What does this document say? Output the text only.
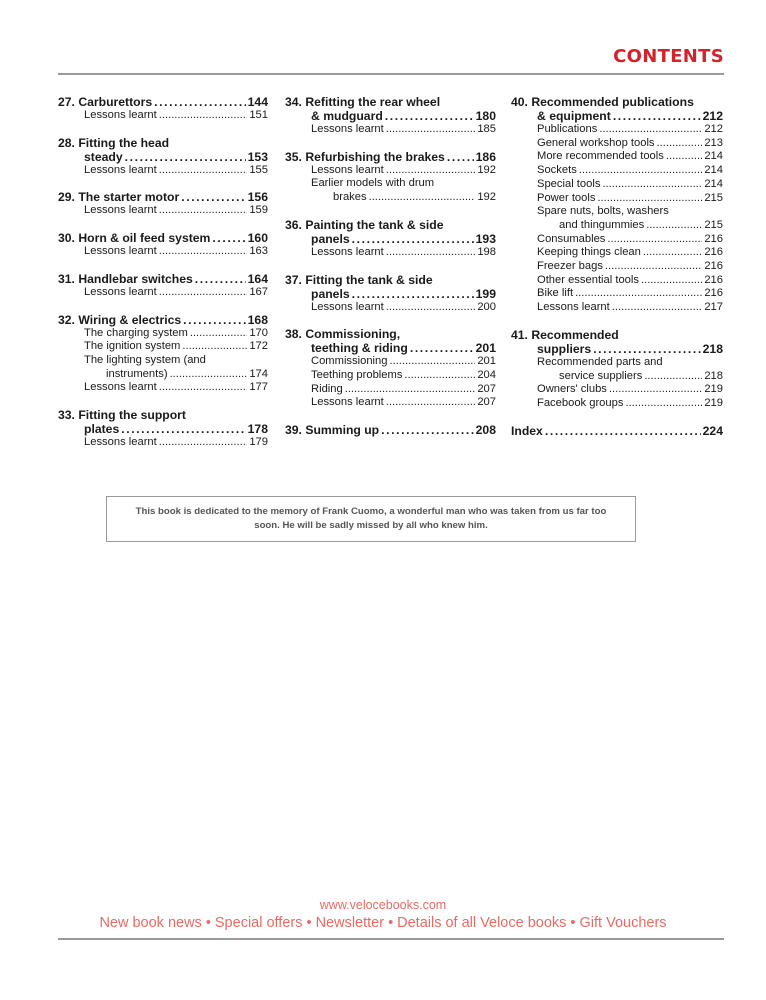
CONTENTS
27. Carburettors .....	144
Lessons learnt .....	151
28. Fitting the head
steady .....	153
Lessons learnt .....	155
29. The starter motor .....	156
Lessons learnt .....	159
30. Horn & oil feed system .....	160
Lessons learnt .....	163
31. Handlebar switches .....	164
Lessons learnt .....	167
32. Wiring & electrics .....	168
The charging system .....	170
The ignition system .....	172
The lighting system (and
instruments) .....	174
Lessons learnt .....	177
33. Fitting the support
plates .....	178
Lessons learnt .....	179
34. Refitting the rear wheel
& mudguard .....	180
Lessons learnt .....	185
35. Refurbishing the brakes .....	186
Lessons learnt .....	192
Earlier models with drum
brakes .....	192
36. Painting the tank & side
panels .....	193
Lessons learnt .....	198
37. Fitting the tank & side
panels .....	199
Lessons learnt .....	200
38. Commissioning,
teething & riding .....	201
Commissioning .....	201
Teething problems .....	204
Riding .....	207
Lessons learnt .....	207
39. Summing up .....	208
40. Recommended publications
& equipment .....	212
Publications .....	212
General workshop tools .....	213
More recommended tools .....	214
Sockets .....	214
Special tools .....	214
Power tools .....	215
Spare nuts, bolts, washers
and thingummies .....	215
Consumables .....	216
Keeping things clean .....	216
Freezer bags .....	216
Other essential tools .....	216
Bike lift .....	216
Lessons learnt .....	217
41. Recommended
suppliers .....	218
Recommended parts and
service suppliers .....	218
Owners' clubs .....	219
Facebook groups .....	219
Index .....	224
This book is dedicated to the memory of Frank Cuomo, a wonderful man who was taken from us far too soon. He will be sadly missed by all who knew him.
www.velocebooks.com
New book news • Special offers • Newsletter • Details of all Veloce books • Gift Vouchers
